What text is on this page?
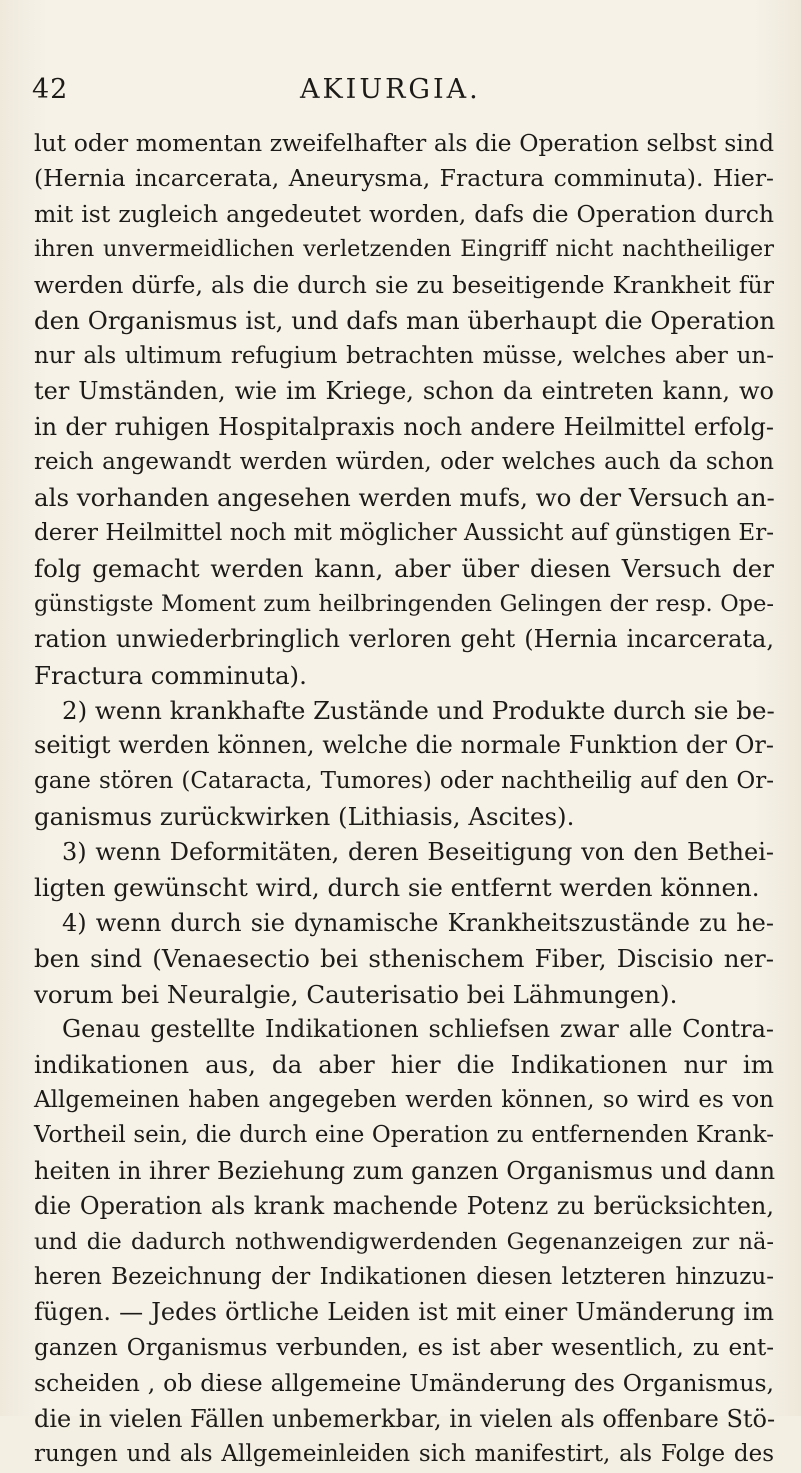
42	AKIURGIA.
lut oder momentan zweifelhafter als die Operation selbst sind
(Hernia incarcerata, Aneurysma, Fractura comminuta). Hier-
mit ist zugleich angedeutet worden, dafs die Operation durch
ihren unvermeidlichen verletzenden Eingriff nicht nachtheiliger
werden dürfe, als die durch sie zu beseitigende Krankheit für
den Organismus ist, und dafs man überhaupt die Operation
nur als ultimum refugium betrachten müsse, welches aber un-
ter Umständen, wie im Kriege, schon da eintreten kann, wo
in der ruhigen Hospitalpraxis noch andere Heilmittel erfolg-
reich angewandt werden würden, oder welches auch da schon
als vorhanden angesehen werden mufs, wo der Versuch an-
derer Heilmittel noch mit möglicher Aussicht auf günstigen Er-
folg gemacht werden kann, aber über diesen Versuch der
günstigste Moment zum heilbringenden Gelingen der resp. Ope-
ration unwiederbringlich verloren geht (Hernia incarcerata,
Fractura comminuta).
2) wenn krankhafte Zustände und Produkte durch sie be-
seitigt werden können, welche die normale Funktion der Or-
gane stören (Cataracta, Tumores) oder nachtheilig auf den Or-
ganismus zurückwirken (Lithiasis, Ascites).
3) wenn Deformitäten, deren Beseitigung von den Bethei-
ligten gewünscht wird, durch sie entfernt werden können.
4) wenn durch sie dynamische Krankheitszustände zu he-
ben sind (Venaesectio bei sthenischem Fiber, Discisio ner-
vorum bei Neuralgie, Cauterisatio bei Lähmungen).
Genau gestellte Indikationen schliefsen zwar alle Contra-
indikationen aus, da aber hier die Indikationen nur im
Allgemeinen haben angegeben werden können, so wird es von
Vortheil sein, die durch eine Operation zu entfernenden Krank-
heiten in ihrer Beziehung zum ganzen Organismus und dann
die Operation als krank machende Potenz zu berücksichten,
und die dadurch nothwendigwerdenden Gegenanzeigen zur nä-
heren Bezeichnung der Indikationen diesen letzteren hinzuzu-
fügen. — Jedes örtliche Leiden ist mit einer Umänderung im
ganzen Organismus verbunden, es ist aber wesentlich, zu ent-
scheiden , ob diese allgemeine Umänderung des Organismus,
die in vielen Fällen unbemerkbar, in vielen als offenbare Stö-
rungen und als Allgemeinleiden sich manifestirt, als Folge des
